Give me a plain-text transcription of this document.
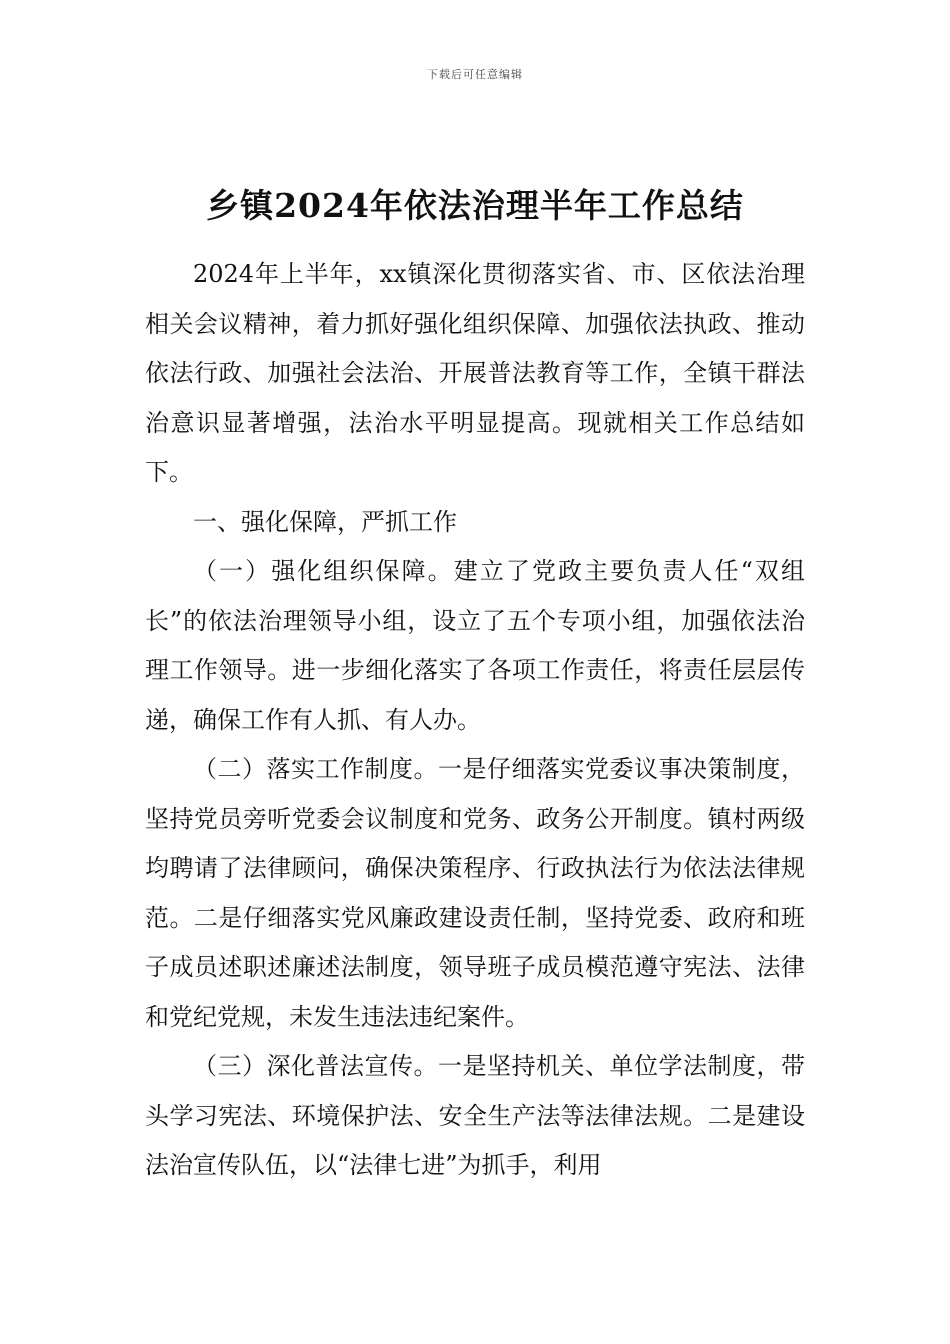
下载后可任意编辑
乡镇2024年依法治理半年工作总结

2024年上半年，xx镇深化贯彻落实省、市、区依法治理相关会议精神，着力抓好强化组织保障、加强依法执政、推动依法行政、加强社会法治、开展普法教育等工作，全镇干群法治意识显著增强，法治水平明显提高。现就相关工作总结如下。

一、强化保障，严抓工作

（一）强化组织保障。建立了党政主要负责人任“双组长”的依法治理领导小组，设立了五个专项小组，加强依法治理工作领导。进一步细化落实了各项工作责任，将责任层层传递，确保工作有人抓、有人办。

（二）落实工作制度。一是仔细落实党委议事决策制度，坚持党员旁听党委会议制度和党务、政务公开制度。镇村两级均聘请了法律顾问，确保决策程序、行政执法行为依法法律规范。二是仔细落实党风廉政建设责任制，坚持党委、政府和班子成员述职述廉述法制度，领导班子成员模范遵守宪法、法律和党纪党规，未发生违法违纪案件。

（三）深化普法宣传。一是坚持机关、单位学法制度，带头学习宪法、环境保护法、安全生产法等法律法规。二是建设法治宣传队伍，以“法律七进”为抓手，利用
